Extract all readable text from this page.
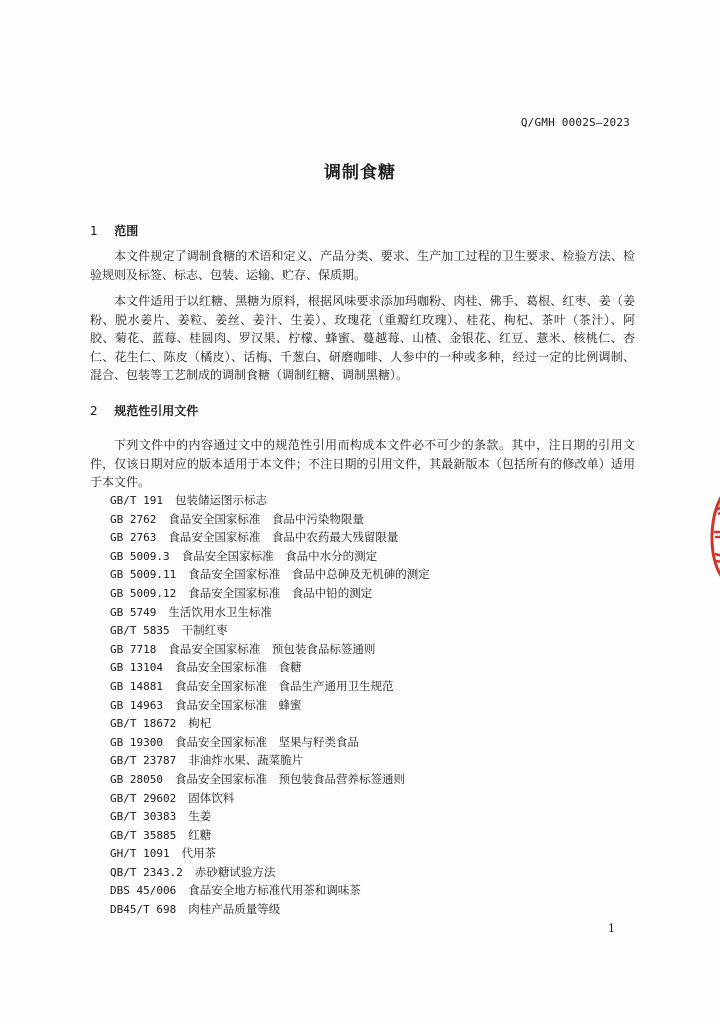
Q/GMH 0002S—2023
调制食糖
1 范围

本文件规定了调制食糖的术语和定义、产品分类、要求、生产加工过程的卫生要求、检验方法、检验规则及标签、标志、包装、运输、贮存、保质期。

本文件适用于以红糖、黑糖为原料，根据风味要求添加玛咖粉、肉桂、佛手、葛根、红枣、姜（姜粉、脱水姜片、姜粒、姜丝、姜汁、生姜）、玫瑰花（重瓣红玫瑰）、桂花、枸杞、茶叶（茶汁）、阿胶、菊花、蓝莓、桂圆肉、罗汉果、柠檬、蜂蜜、蔓越莓、山楂、金银花、红豆、薏米、核桃仁、杏仁、花生仁、陈皮（橘皮）、话梅、千葱白、研磨咖啡、人参中的一种或多种，经过一定的比例调制、混合、包装等工艺制成的调制食糖（调制红糖、调制黑糖）。

2 规范性引用文件

下列文件中的内容通过文中的规范性引用而构成本文件必不可少的条款。其中，注日期的引用文件，仅该日期对应的版本适用于本文件；不注日期的引用文件，其最新版本（包括所有的修改单）适用于本文件。

GB/T 191 包装储运图示标志
GB 2762 食品安全国家标准　食品中污染物限量
GB 2763 食品安全国家标准　食品中农药最大残留限量
GB 5009.3 食品安全国家标准　食品中水分的测定
GB 5009.11 食品安全国家标准　食品中总砷及无机砷的测定
GB 5009.12 食品安全国家标准　食品中铅的测定
GB 5749 生活饮用水卫生标准
GB/T 5835 干制红枣
GB 7718 食品安全国家标准　预包装食品标签通则
GB 13104 食品安全国家标准　食糖
GB 14881 食品安全国家标准　食品生产通用卫生规范
GB 14963 食品安全国家标准　蜂蜜
GB/T 18672 枸杞
GB 19300 食品安全国家标准　坚果与籽类食品
GB/T 23787 非油炸水果、蔬菜脆片
GB 28050 食品安全国家标准　预包装食品营养标签通则
GB/T 29602 固体饮料
GB/T 30383 生姜
GB/T 35885 红糖
GH/T 1091 代用茶
QB/T 2343.2 赤砂糖试验方法
DBS 45/006 食品安全地方标准代用茶和调味茶
DB45/T 698 肉桂产品质量等级
1
